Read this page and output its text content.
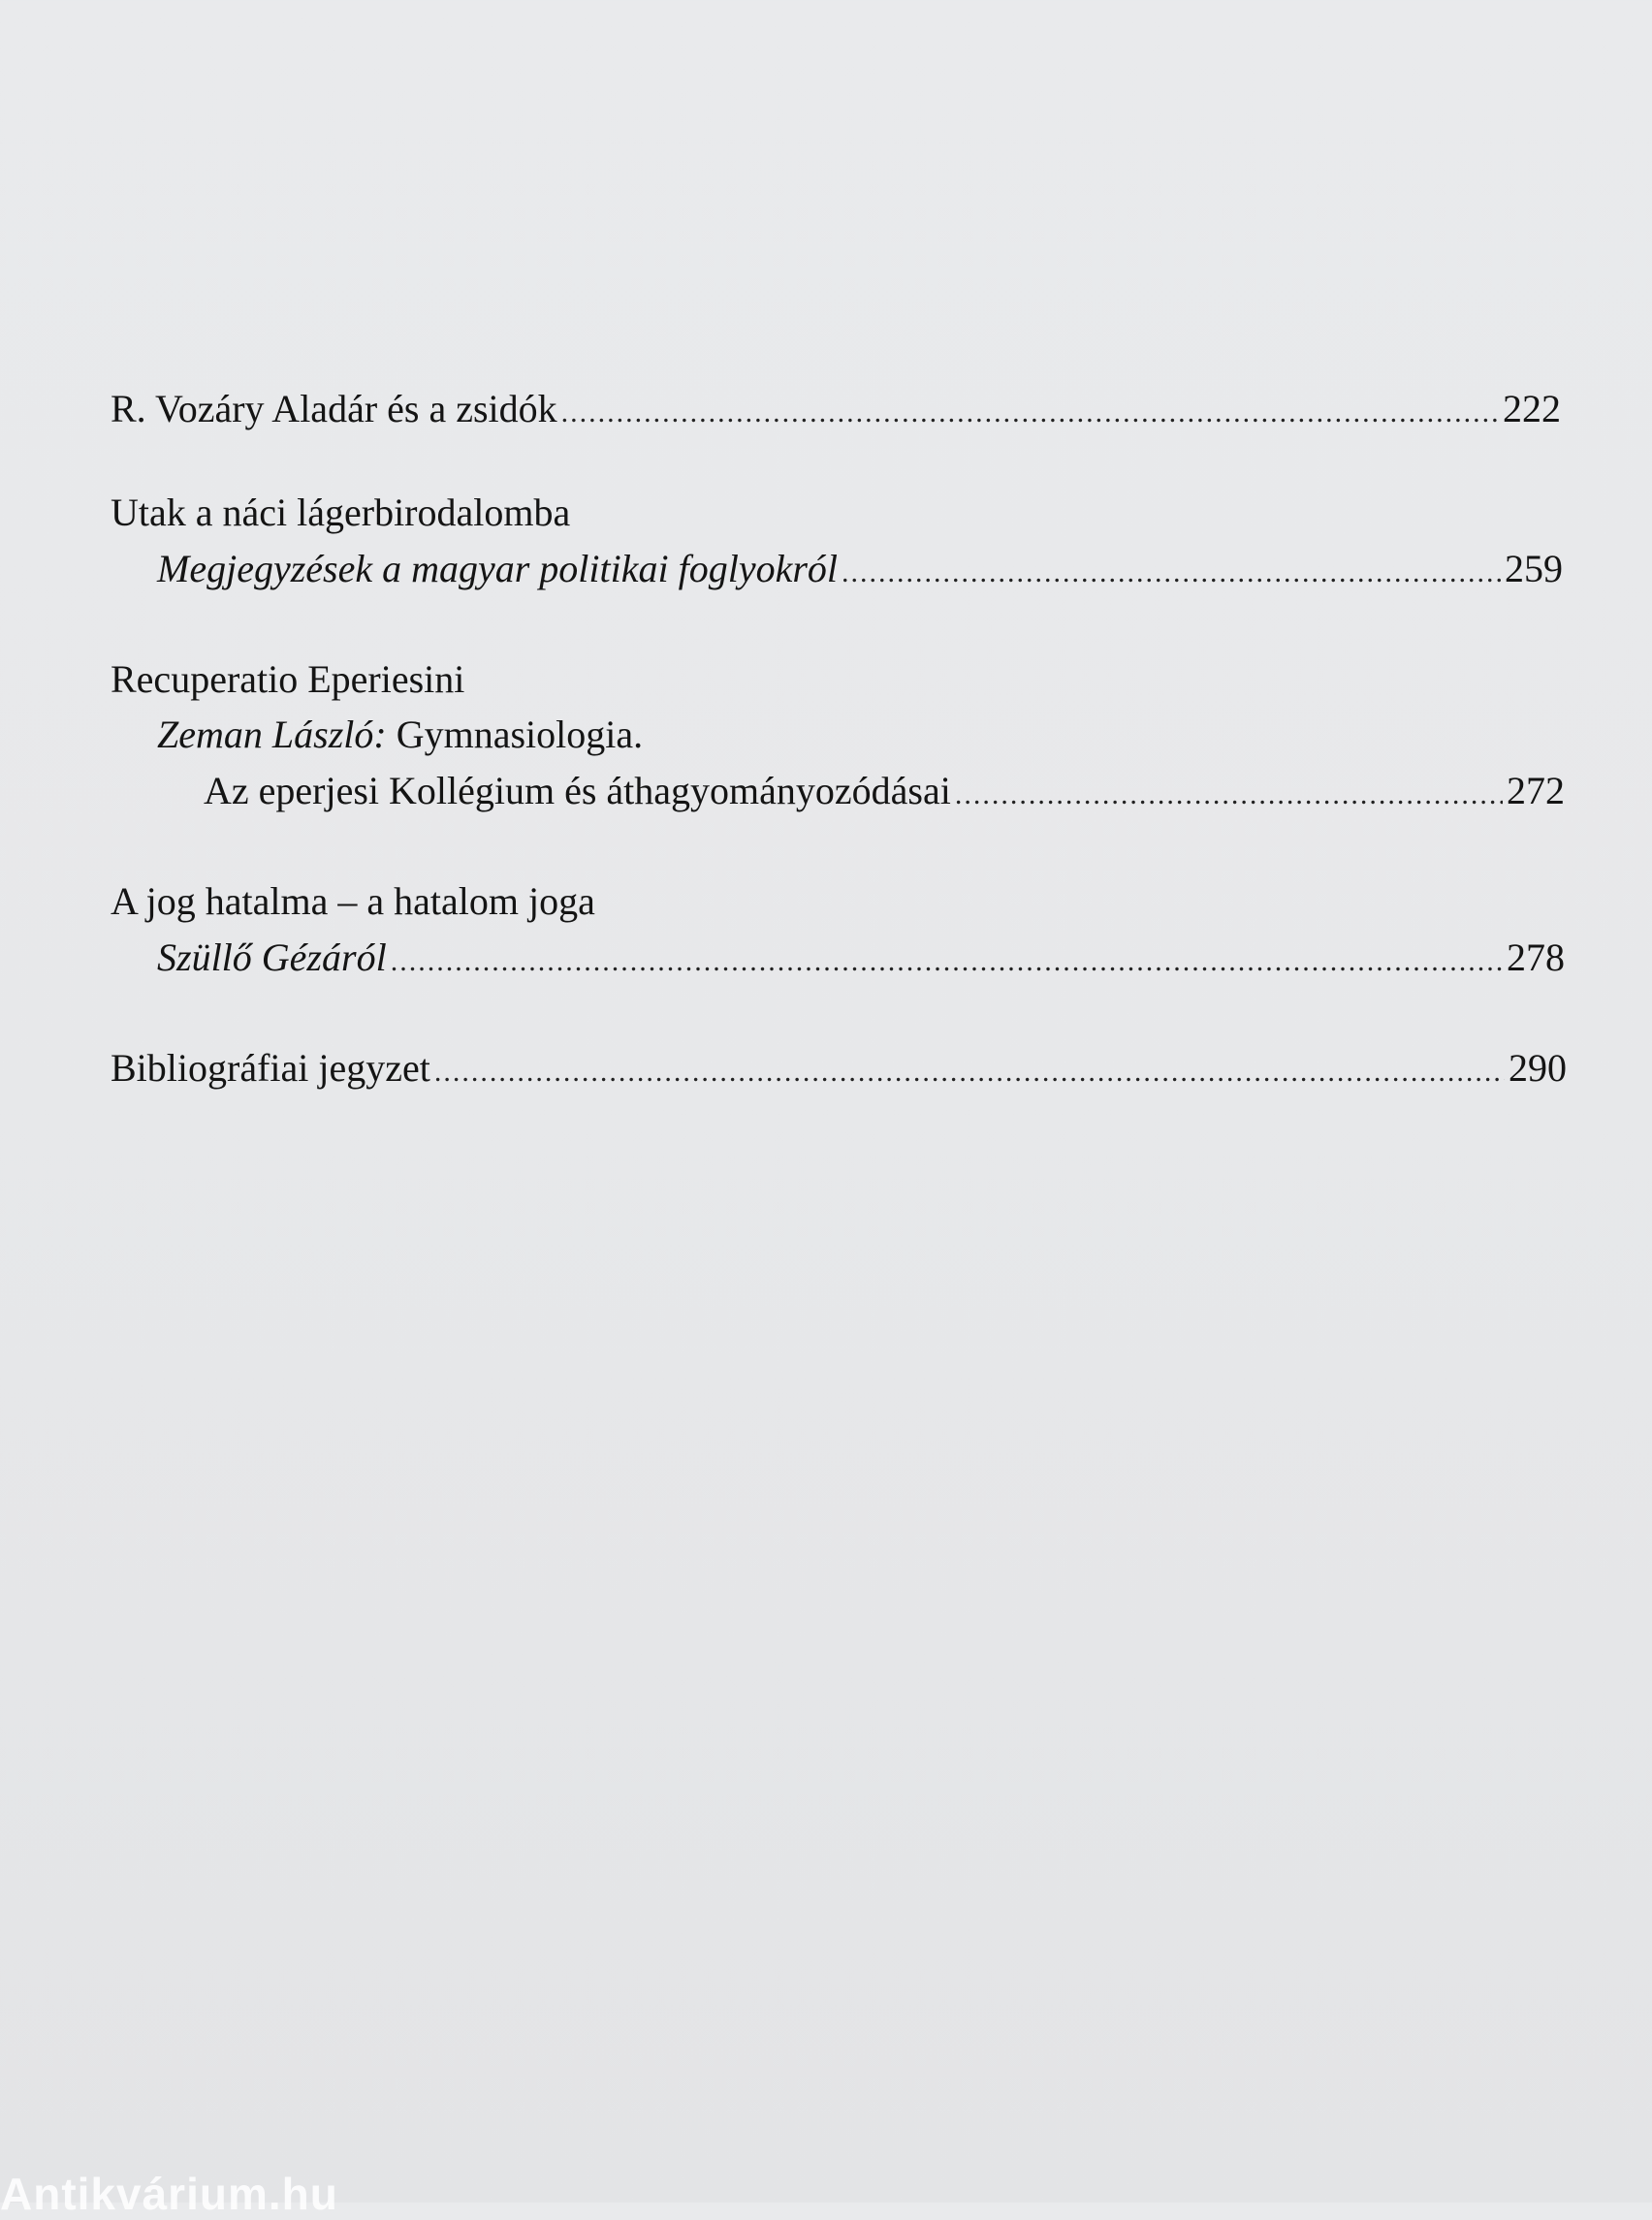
R. Vozáry Aladár és a zsidók .....	222
Utak a náci lágerbirodalomba
Megjegyzések a magyar politikai foglyokról .....	259
Recuperatio Eperiesini
Zeman László: Gymnasiologia.
Az eperjesi Kollégium és áthagyományozódásai .....	272
A jog hatalma – a hatalom joga
Szüllő Gézáról .....	278
Bibliográfiai jegyzet .....	290
Antikvárium.hu
